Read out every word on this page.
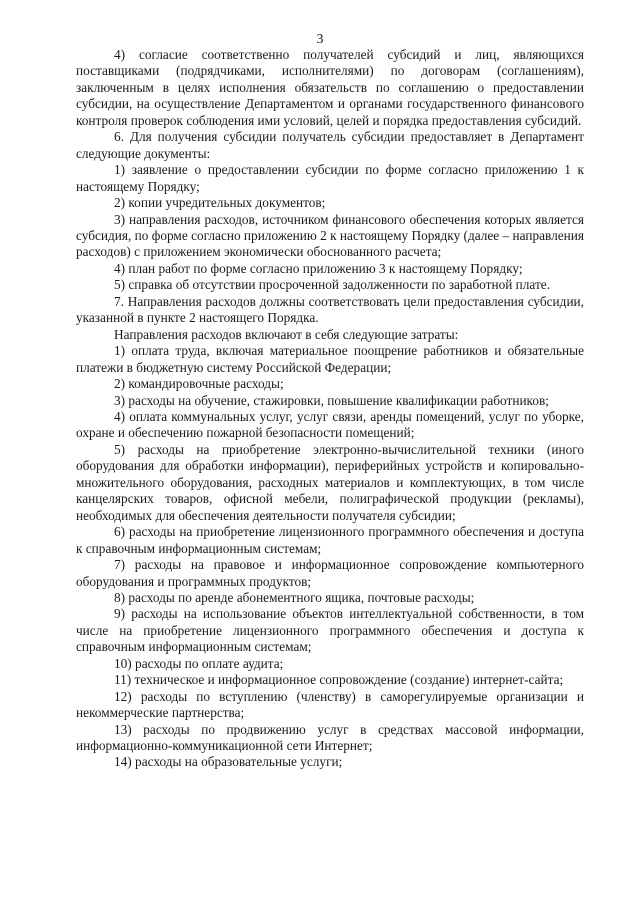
3

4) согласие соответственно получателей субсидий и лиц, являющихся поставщиками (подрядчиками, исполнителями) по договорам (соглашениям), заключенным в целях исполнения обязательств по соглашению о предоставлении субсидии, на осуществление Департаментом и органами государственного финансового контроля проверок соблюдения ими условий, целей и порядка предоставления субсидий.

6. Для получения субсидии получатель субсидии предоставляет в Департамент следующие документы:

1) заявление о предоставлении субсидии по форме согласно приложению 1 к настоящему Порядку;

2) копии учредительных документов;

3) направления расходов, источником финансового обеспечения которых является субсидия, по форме согласно приложению 2 к настоящему Порядку (далее – направления расходов) с приложением экономически обоснованного расчета;

4) план работ по форме согласно приложению 3 к настоящему Порядку;

5) справка об отсутствии просроченной задолженности по заработной плате.

7. Направления расходов должны соответствовать цели предоставления субсидии, указанной в пункте 2 настоящего Порядка.

Направления расходов включают в себя следующие затраты:

1) оплата труда, включая материальное поощрение работников и обязательные платежи в бюджетную систему Российской Федерации;

2) командировочные расходы;

3) расходы на обучение, стажировки, повышение квалификации работников;

4) оплата коммунальных услуг, услуг связи, аренды помещений, услуг по уборке, охране и обеспечению пожарной безопасности помещений;

5) расходы на приобретение электронно-вычислительной техники (иного оборудования для обработки информации), периферийных устройств и копировально-множительного оборудования, расходных материалов и комплектующих, в том числе канцелярских товаров, офисной мебели, полиграфической продукции (рекламы), необходимых для обеспечения деятельности получателя субсидии;

6) расходы на приобретение лицензионного программного обеспечения и доступа к справочным информационным системам;

7) расходы на правовое и информационное сопровождение компьютерного оборудования и программных продуктов;

8) расходы по аренде абонементного ящика, почтовые расходы;

9) расходы на использование объектов интеллектуальной собственности, в том числе на приобретение лицензионного программного обеспечения и доступа к справочным информационным системам;

10) расходы по оплате аудита;

11) техническое и информационное сопровождение (создание) интернет-сайта;

12) расходы по вступлению (членству) в саморегулируемые организации и некоммерческие партнерства;

13) расходы по продвижению услуг в средствах массовой информации, информационно-коммуникационной сети Интернет;

14) расходы на образовательные услуги;
